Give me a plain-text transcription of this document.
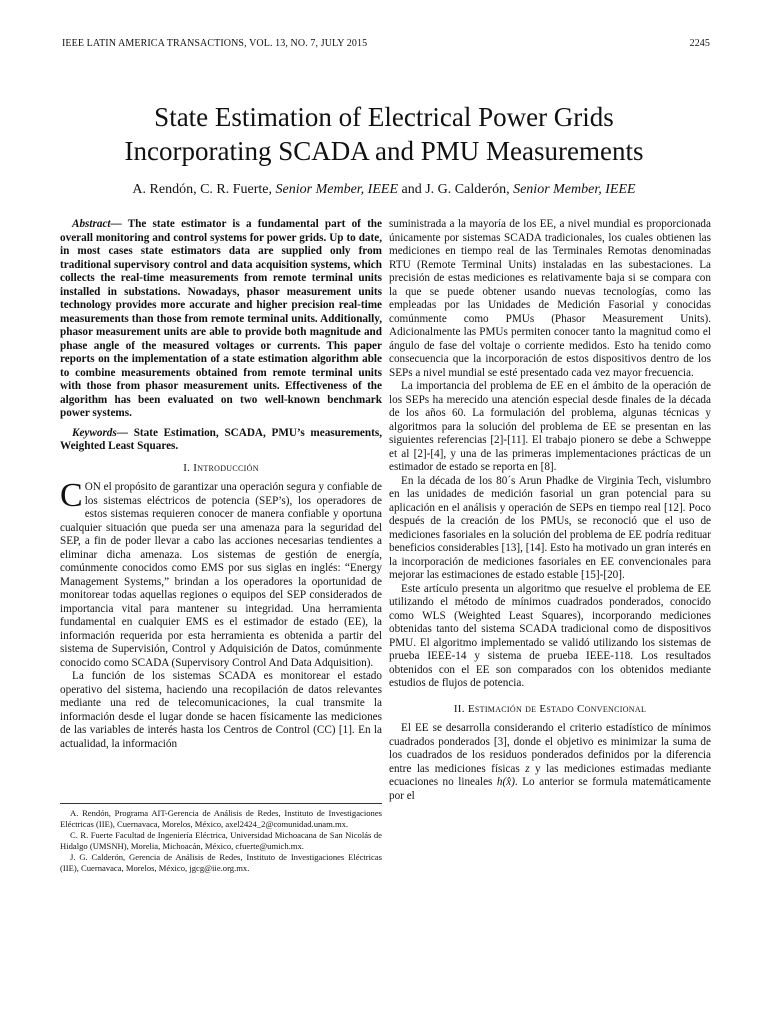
IEEE LATIN AMERICA TRANSACTIONS, VOL. 13, NO. 7, JULY 2015	2245
State Estimation of Electrical Power Grids
Incorporating SCADA and PMU Measurements
A. Rendón, C. R. Fuerte, Senior Member, IEEE and J. G. Calderón, Senior Member, IEEE

Abstract— The state estimator is a fundamental part of the overall monitoring and control systems for power grids. Up to date, in most cases state estimators data are supplied only from traditional supervisory control and data acquisition systems, which collects the real-time measurements from remote terminal units installed in substations. Nowadays, phasor measurement units technology provides more accurate and higher precision real-time measurements than those from remote terminal units. Additionally, phasor measurement units are able to provide both magnitude and phase angle of the measured voltages or currents. This paper reports on the implementation of a state estimation algorithm able to combine measurements obtained from remote terminal units with those from phasor measurement units. Effectiveness of the algorithm has been evaluated on two well-known benchmark power systems.

Keywords— State Estimation, SCADA, PMU’s measurements, Weighted Least Squares.

I. Introducción

CON el propósito de garantizar una operación segura y confiable de los sistemas eléctricos de potencia (SEP’s), los operadores de estos sistemas requieren conocer de manera confiable y oportuna cualquier situación que pueda ser una amenaza para la seguridad del SEP, a fin de poder llevar a cabo las acciones necesarias tendientes a eliminar dicha amenaza. Los sistemas de gestión de energía, comúnmente conocidos como EMS por sus siglas en inglés: “Energy Management Systems,” brindan a los operadores la oportunidad de monitorear todas aquellas regiones o equipos del SEP considerados de importancia vital para mantener su integridad. Una herramienta fundamental en cualquier EMS es el estimador de estado (EE), la información requerida por esta herramienta es obtenida a partir del sistema de Supervisión, Control y Adquisición de Datos, comúnmente conocido como SCADA (Supervisory Control And Data Adquisition).

La función de los sistemas SCADA es monitorear el estado operativo del sistema, haciendo una recopilación de datos relevantes mediante una red de telecomunicaciones, la cual transmite la información desde el lugar donde se hacen físicamente las mediciones de las variables de interés hasta los Centros de Control (CC) [1]. En la actualidad, la información

A. Rendón, Programa AIT-Gerencia de Análisis de Redes, Instituto de Investigaciones Eléctricas (IIE), Cuernavaca, Morelos, México, axel2424_2@comunidad.unam.mx.

C. R. Fuerte Facultad de Ingeniería Eléctrica, Universidad Michoacana de San Nicolás de Hidalgo (UMSNH), Morelia, Michoacán, México, cfuerte@umich.mx.

J. G. Calderón, Gerencia de Análisis de Redes, Instituto de Investigaciones Eléctricas (IIE), Cuernavaca, Morelos, México, jgcg@iie.org.mx.

suministrada a la mayoría de los EE, a nivel mundial es proporcionada únicamente por sistemas SCADA tradicionales, los cuales obtienen las mediciones en tiempo real de las Terminales Remotas denominadas RTU (Remote Terminal Units) instaladas en las subestaciones. La precisión de estas mediciones es relativamente baja si se compara con la que se puede obtener usando nuevas tecnologías, como las empleadas por las Unidades de Medición Fasorial y conocidas comúnmente como PMUs (Phasor Measurement Units). Adicionalmente las PMUs permiten conocer tanto la magnitud como el ángulo de fase del voltaje o corriente medidos. Esto ha tenido como consecuencia que la incorporación de estos dispositivos dentro de los SEPs a nivel mundial se esté presentado cada vez mayor frecuencia.

La importancia del problema de EE en el ámbito de la operación de los SEPs ha merecido una atención especial desde finales de la década de los años 60. La formulación del problema, algunas técnicas y algoritmos para la solución del problema de EE se presentan en las siguientes referencias [2]-[11]. El trabajo pionero se debe a Schweppe et al [2]-[4], y una de las primeras implementaciones prácticas de un estimador de estado se reporta en [8].

En la década de los 80´s Arun Phadke de Virginia Tech, vislumbro en las unidades de medición fasorial un gran potencial para su aplicación en el análisis y operación de SEPs en tiempo real [12]. Poco después de la creación de los PMUs, se reconoció que el uso de mediciones fasoriales en la solución del problema de EE podría redituar beneficios considerables [13], [14]. Esto ha motivado un gran interés en la incorporación de mediciones fasoriales en EE convencionales para mejorar las estimaciones de estado estable [15]-[20].

Este artículo presenta un algoritmo que resuelve el problema de EE utilizando el método de mínimos cuadrados ponderados, conocido como WLS (Weighted Least Squares), incorporando mediciones obtenidas tanto del sistema SCADA tradicional como de dispositivos PMU. El algoritmo implementado se validó utilizando los sistemas de prueba IEEE-14 y sistema de prueba IEEE-118. Los resultados obtenidos con el EE son comparados con los obtenidos mediante estudios de flujos de potencia.

II. Estimación de Estado Convencional

El EE se desarrolla considerando el criterio estadístico de mínimos cuadrados ponderados [3], donde el objetivo es minimizar la suma de los cuadrados de los residuos ponderados definidos por la diferencia entre las mediciones físicas z y las mediciones estimadas mediante ecuaciones no lineales h(x̂). Lo anterior se formula matemáticamente por el
